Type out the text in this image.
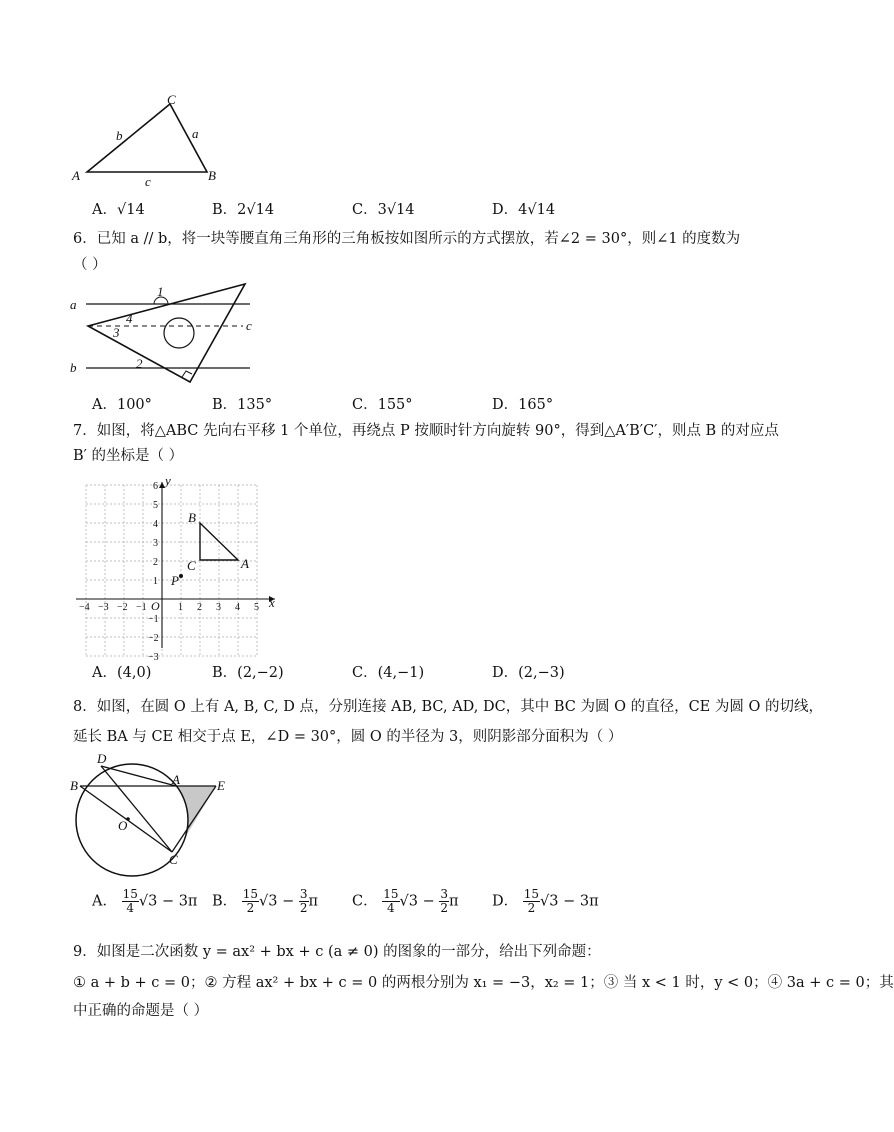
A
C
B
b	a
c
A．√14	B．2√14	C．3√14	D．4√14
6．已知 a // b，将一块等腰直角三角形的三角板按如图所示的方式摆放，若∠2 = 30°，则∠1 的度数为
（ ）
a
b
c
1
2
3
4
A．100°	B．135°	C．155°	D．165°
7．如图，将△ABC 先向右平移 1 个单位，再绕点 P 按顺时针方向旋转 90°，得到△A′B′C′，则点 B 的对应点
B′ 的坐标是（ ）
x
y
O
B
A
C
P
−4 −3 −2 −1	1 2 3 4 5
6
5
4
3
2
1
−1
−2
−3
A．(4,0)	B．(2,−2)	C．(4,−1)	D．(2,−3)
8．如图，在圆 O 上有 A, B, C, D 点，分别连接 AB, BC, AD, DC，其中 BC 为圆 O 的直径，CE 为圆 O 的切线，
延长 BA 与 CE 相交于点 E，∠D = 30°，圆 O 的半径为 3，则阴影部分面积为（ ）
B
D
A	E
O
C
A． $\frac{15}{4} √3 - 3\pi$ B． $\frac{15}{2} √3 - \frac{3}{2}$ π C． $\frac{15}{4} √3 - \frac{3}{2}$ π D． $\frac{15}{2} √3 - 3\pi$
9．如图是二次函数 y = ax² + bx + c (a ≠ 0) 的图象的一部分，给出下列命题：
① a + b + c = 0；② 方程 ax² + bx + c = 0 的两根分别为 x₁ = −3，x₂ = 1；③ 当 x < 1 时，y < 0；④ 3a + c = 0；其
中正确的命题是（ ）
